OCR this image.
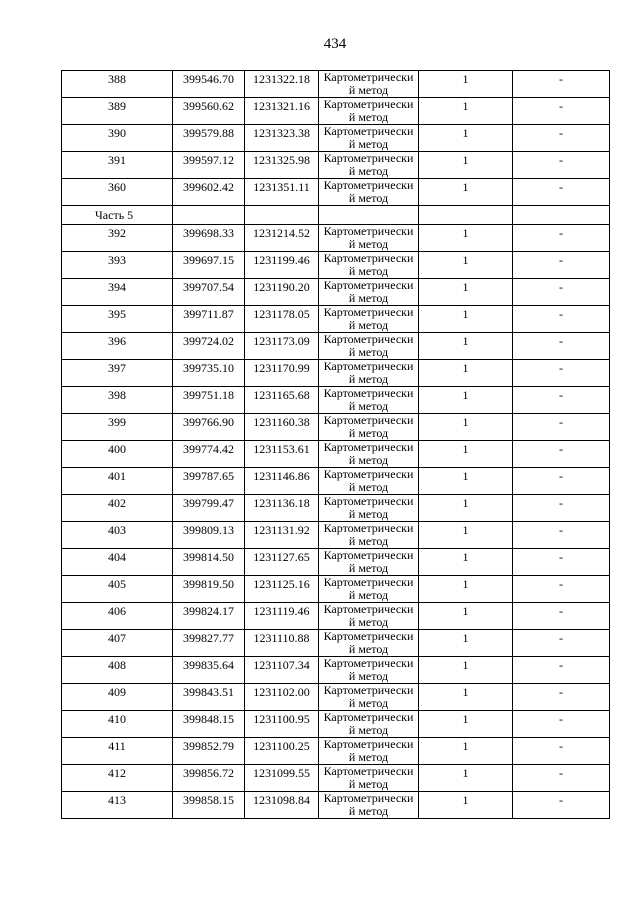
434
388	399546.70	1231322.18	Картометрически й метод	1	-
389	399560.62	1231321.16	Картометрически й метод	1	-
390	399579.88	1231323.38	Картометрически й метод	1	-
391	399597.12	1231325.98	Картометрически й метод	1	-
360	399602.42	1231351.11	Картометрически й метод	1	-
Часть 5					
392	399698.33	1231214.52	Картометрически й метод	1	-
393	399697.15	1231199.46	Картометрически й метод	1	-
394	399707.54	1231190.20	Картометрически й метод	1	-
395	399711.87	1231178.05	Картометрически й метод	1	-
396	399724.02	1231173.09	Картометрически й метод	1	-
397	399735.10	1231170.99	Картометрически й метод	1	-
398	399751.18	1231165.68	Картометрически й метод	1	-
399	399766.90	1231160.38	Картометрически й метод	1	-
400	399774.42	1231153.61	Картометрически й метод	1	-
401	399787.65	1231146.86	Картометрически й метод	1	-
402	399799.47	1231136.18	Картометрически й метод	1	-
403	399809.13	1231131.92	Картометрически й метод	1	-
404	399814.50	1231127.65	Картометрически й метод	1	-
405	399819.50	1231125.16	Картометрически й метод	1	-
406	399824.17	1231119.46	Картометрически й метод	1	-
407	399827.77	1231110.88	Картометрически й метод	1	-
408	399835.64	1231107.34	Картометрически й метод	1	-
409	399843.51	1231102.00	Картометрически й метод	1	-
410	399848.15	1231100.95	Картометрически й метод	1	-
411	399852.79	1231100.25	Картометрически й метод	1	-
412	399856.72	1231099.55	Картометрически й метод	1	-
413	399858.15	1231098.84	Картометрически й метод	1	-
